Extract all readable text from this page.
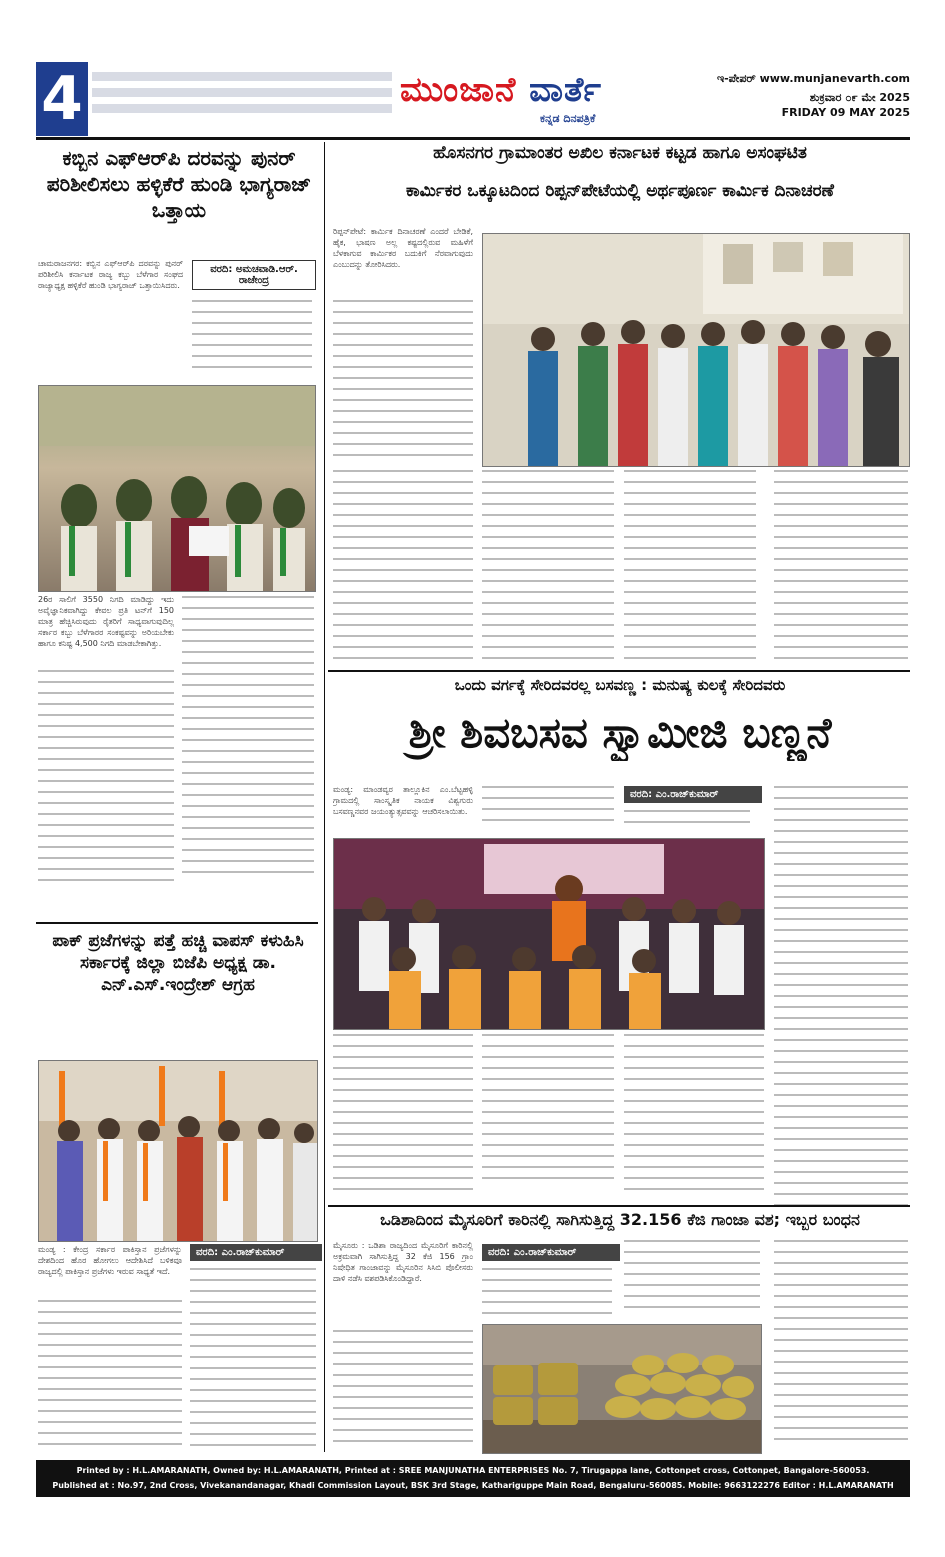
4	ಮುಂಜಾನೆ ವಾರ್ತೆ
ಕನ್ನಡ ದಿನಪತ್ರಿಕೆ
ಇ-ಪೇಪರ್ www.munjanevarth.com
ಶುಕ್ರವಾರ ೦೯ ಮೇ 2025
FRIDAY 09 MAY 2025
ಕಬ್ಬಿನ ಎಫ್‌ಆರ್‌ಪಿ ದರವನ್ನು ಪುನರ್ ಪರಿಶೀಲಿಸಲು ಹಳ್ಳಿಕೆರೆ ಹುಂಡಿ ಭಾಗ್ಯರಾಜ್ ಒತ್ತಾಯ
ಚಾಮರಾಜನಗರ: ಕಬ್ಬಿನ ಎಫ್‌ಆರ್‌ಪಿ ದರವನ್ನು ಪುನರ್ ಪರಿಶೀಲಿಸಿ ಕರ್ನಾಟಕ ರಾಜ್ಯ ಕಬ್ಬು ಬೆಳೆಗಾರ ಸಂಘದ ರಾಜ್ಯಾಧ್ಯಕ್ಷ ಹಳ್ಳಿಕೆರೆ ಹುಂಡಿ ಭಾಗ್ಯರಾಜ್ ಒತ್ತಾಯಿಸಿದರು.
ವರದಿ: ಅಮಚವಾಡಿ.ಆರ್. ರಾಜೇಂದ್ರ
26ರ ಸಾಲಿಗೆ 3550 ನಿಗದಿ ಮಾಡಿದ್ದು ಇದು ಅವೈಜ್ಞಾನಿಕವಾಗಿದ್ದು ಕೇವಲ ಪ್ರತಿ ಟನ್‌ಗೆ 150 ಮಾತ್ರ ಹೆಚ್ಚಿಸಿರುವುದು ರೈತರಿಗೆ ಸಾಧ್ಯವಾಗುವುದಿಲ್ಲ ಸರ್ಕಾರ ಕಬ್ಬು ಬೆಳೆಗಾರರ ಸಂಕಷ್ಟವನ್ನು ಅರಿಯಬೇಕು ಹಾಗೂ ಕನಿಷ್ಟ 4,500 ನಿಗದಿ ಮಾಡಬೇಕಾಗಿತ್ತು.
ಹೊಸನಗರ ಗ್ರಾಮಾಂತರ ಅಖಿಲ ಕರ್ನಾಟಕ ಕಟ್ಟಡ ಹಾಗೂ ಅಸಂಘಟಿತ
ಕಾರ್ಮಿಕರ ಒಕ್ಕೂಟದಿಂದ ರಿಪ್ಪನ್‌ಪೇಟೆಯಲ್ಲಿ ಅರ್ಥಪೂರ್ಣ ಕಾರ್ಮಿಕ ದಿನಾಚರಣೆ
ರಿಪ್ಪನ್‌ಪೇಟೆ: ಕಾರ್ಮಿಕ ದಿನಾಚರಣೆ ಎಂದರೆ ಬೇಡಿಕೆ, ಹೈಕ, ಭಾಷಣ ಅಲ್ಲ ಕಷ್ಟದಲ್ಲಿರುವ ಮಹಿಳೆಗೆ ಬೆಳಕಾಗುವ ಕಾರ್ಮಿಕರ ಬದುಕಿಗೆ ನೆರವಾಗುವುದು ಎಂಬುದನ್ನು ತೋರಿಸಿದರು.
ಒಂದು ವರ್ಗಕ್ಕೆ ಸೇರಿದವರಲ್ಲ ಬಸವಣ್ಣ : ಮನುಷ್ಯ ಕುಲಕ್ಕೆ ಸೇರಿದವರು
ಶ್ರೀ ಶಿವಬಸವ ಸ್ವಾಮೀಜಿ ಬಣ್ಣನೆ
ಮಂಡ್ಯ: ಮಾಂಡವ್ಯರ ತಾಲ್ಲೂಕಿನ ಎಂ.ಬೆಟ್ಟಹಳ್ಳಿ ಗ್ರಾಮದಲ್ಲಿ ಸಾಂಸ್ಕೃತಿಕ ನಾಯಕ ವಿಶ್ವಗುರು ಬಸವಣ್ಣನವರ ಜಯಂತ್ಯುತ್ಸವವನ್ನು ಆಚರಿಸಲಾಯಿತು.
ವರದಿ: ಎಂ.ರಾಜ್‌ಕುಮಾರ್
ಪಾಕ್ ಪ್ರಜೆಗಳನ್ನು ಪತ್ತೆ ಹಚ್ಚಿ ವಾಪಸ್ ಕಳುಹಿಸಿ ಸರ್ಕಾರಕ್ಕೆ ಜಿಲ್ಲಾ ಬಿಜೆಪಿ ಅಧ್ಯಕ್ಷ ಡಾ. ಎನ್.ಎಸ್.ಇಂದ್ರೇಶ್ ಆಗ್ರಹ
ಮಂಡ್ಯ : ಕೇಂದ್ರ ಸರ್ಕಾರ ಪಾಕಿಸ್ತಾನ ಪ್ರಜೆಗಳನ್ನು ದೇಶದಿಂದ ಹೊರ ಹೋಗಲು ಆದೇಶಿಸಿದೆ ಬಳಿಕವೂ ರಾಜ್ಯದಲ್ಲಿ ಪಾಕಿಸ್ತಾನ ಪ್ರಜೆಗಳು ಇರುವ ಸಾಧ್ಯತೆ ಇದೆ.
ವರದಿ: ಎಂ.ರಾಜ್‌ಕುಮಾರ್
ಒಡಿಶಾದಿಂದ ಮೈಸೂರಿಗೆ ಕಾರಿನಲ್ಲಿ ಸಾಗಿಸುತ್ತಿದ್ದ 32.156 ಕೆಜಿ ಗಾಂಜಾ ವಶ; ಇಬ್ಬರ ಬಂಧನ
ಮೈಸೂರು : ಒಡಿಶಾ ರಾಜ್ಯದಿಂದ ಮೈಸೂರಿಗೆ ಕಾರಿನಲ್ಲಿ ಅಕ್ರಮವಾಗಿ ಸಾಗಿಸುತ್ತಿದ್ದ 32 ಕೆಜಿ 156 ಗ್ರಾಂ ನಿಷೇಧಿತ ಗಾಂಜಾವನ್ನು ಮೈಸೂರಿನ ಸಿಸಿಬಿ ಪೊಲೀಸರು ದಾಳಿ ನಡೆಸಿ ವಶಪಡಿಸಿಕೊಂಡಿದ್ದಾರೆ.
ವರದಿ: ಎಂ.ರಾಜ್‌ಕುಮಾರ್
Printed by : H.L.AMARANATH, Owned by: H.L.AMARANATH, Printed at : SREE MANJUNATHA ENTERPRISES No. 7, Tirugappa lane, Cottonpet cross, Cottonpet, Bangalore-560053.
Published at : No.97, 2nd Cross, Vivekanandanagar, Khadi Commission Layout, BSK 3rd Stage, Kathariguppe Main Road, Bengaluru-560085. Mobile: 9663122276 Editor : H.L.AMARANATH
